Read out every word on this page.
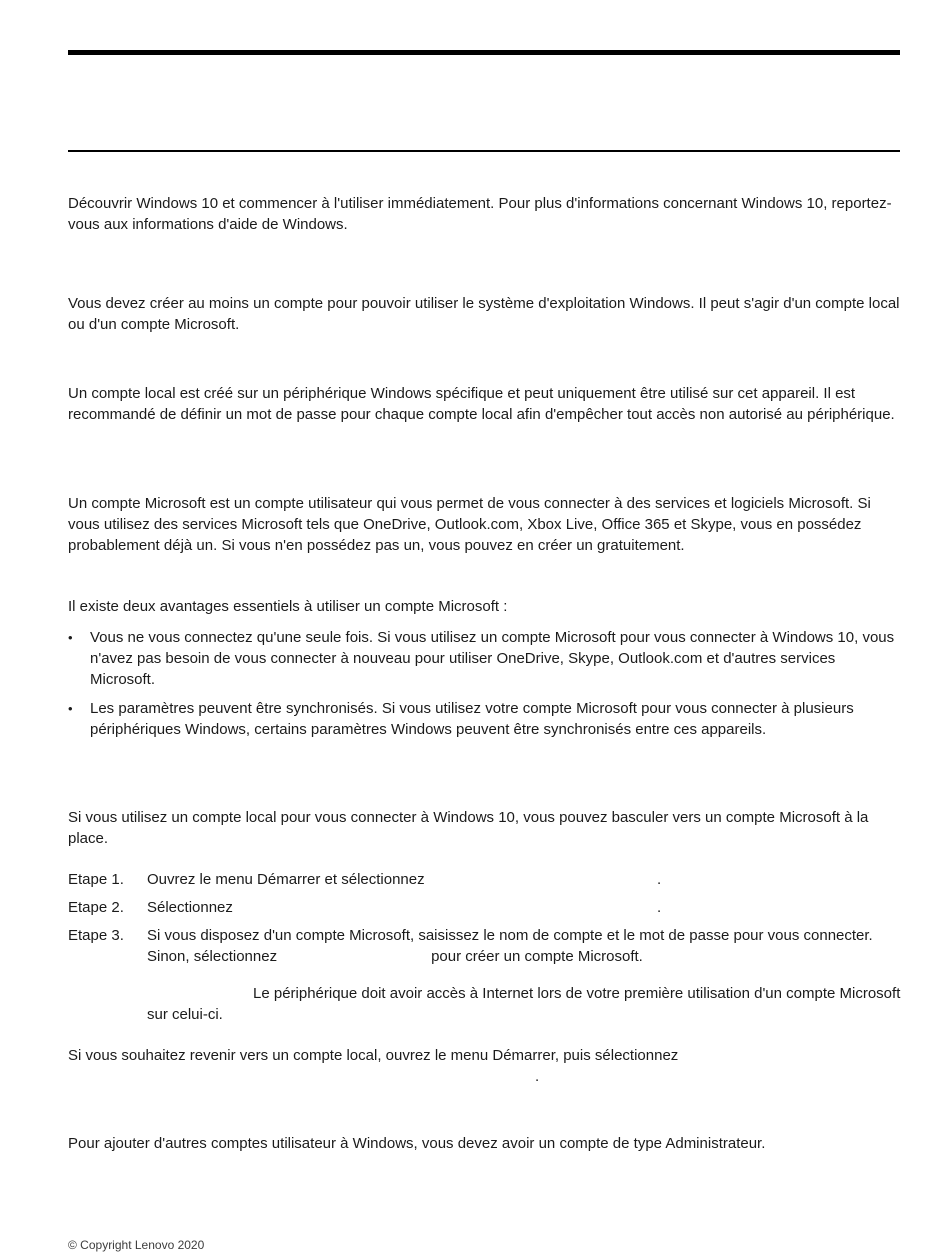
Découvrir Windows 10 et commencer à l'utiliser immédiatement. Pour plus d'informations concernant Windows 10, reportez-vous aux informations d'aide de Windows.
Vous devez créer au moins un compte pour pouvoir utiliser le système d'exploitation Windows. Il peut s'agir d'un compte local ou d'un compte Microsoft.
Un compte local est créé sur un périphérique Windows spécifique et peut uniquement être utilisé sur cet appareil. Il est recommandé de définir un mot de passe pour chaque compte local afin d'empêcher tout accès non autorisé au périphérique.
Un compte Microsoft est un compte utilisateur qui vous permet de vous connecter à des services et logiciels Microsoft. Si vous utilisez des services Microsoft tels que OneDrive, Outlook.com, Xbox Live, Office 365 et Skype, vous en possédez probablement déjà un. Si vous n'en possédez pas un, vous pouvez en créer un gratuitement.
Il existe deux avantages essentiels à utiliser un compte Microsoft :
•	Vous ne vous connectez qu'une seule fois. Si vous utilisez un compte Microsoft pour vous connecter à Windows 10, vous n'avez pas besoin de vous connecter à nouveau pour utiliser OneDrive, Skype, Outlook.com et d'autres services Microsoft.
•	Les paramètres peuvent être synchronisés. Si vous utilisez votre compte Microsoft pour vous connecter à plusieurs périphériques Windows, certains paramètres Windows peuvent être synchronisés entre ces appareils.
Si vous utilisez un compte local pour vous connecter à Windows 10, vous pouvez basculer vers un compte Microsoft à la place.
Etape 1.	Ouvrez le menu Démarrer et sélectionnez	.
Etape 2.	Sélectionnez	.
Etape 3.	Si vous disposez d'un compte Microsoft, saisissez le nom de compte et le mot de passe pour vous connecter. Sinon, sélectionnez	pour créer un compte Microsoft.
Le périphérique doit avoir accès à Internet lors de votre première utilisation d'un compte Microsoft sur celui-ci.
Si vous souhaitez revenir vers un compte local, ouvrez le menu Démarrer, puis sélectionnez
.
Pour ajouter d'autres comptes utilisateur à Windows, vous devez avoir un compte de type Administrateur.
© Copyright Lenovo 2020
